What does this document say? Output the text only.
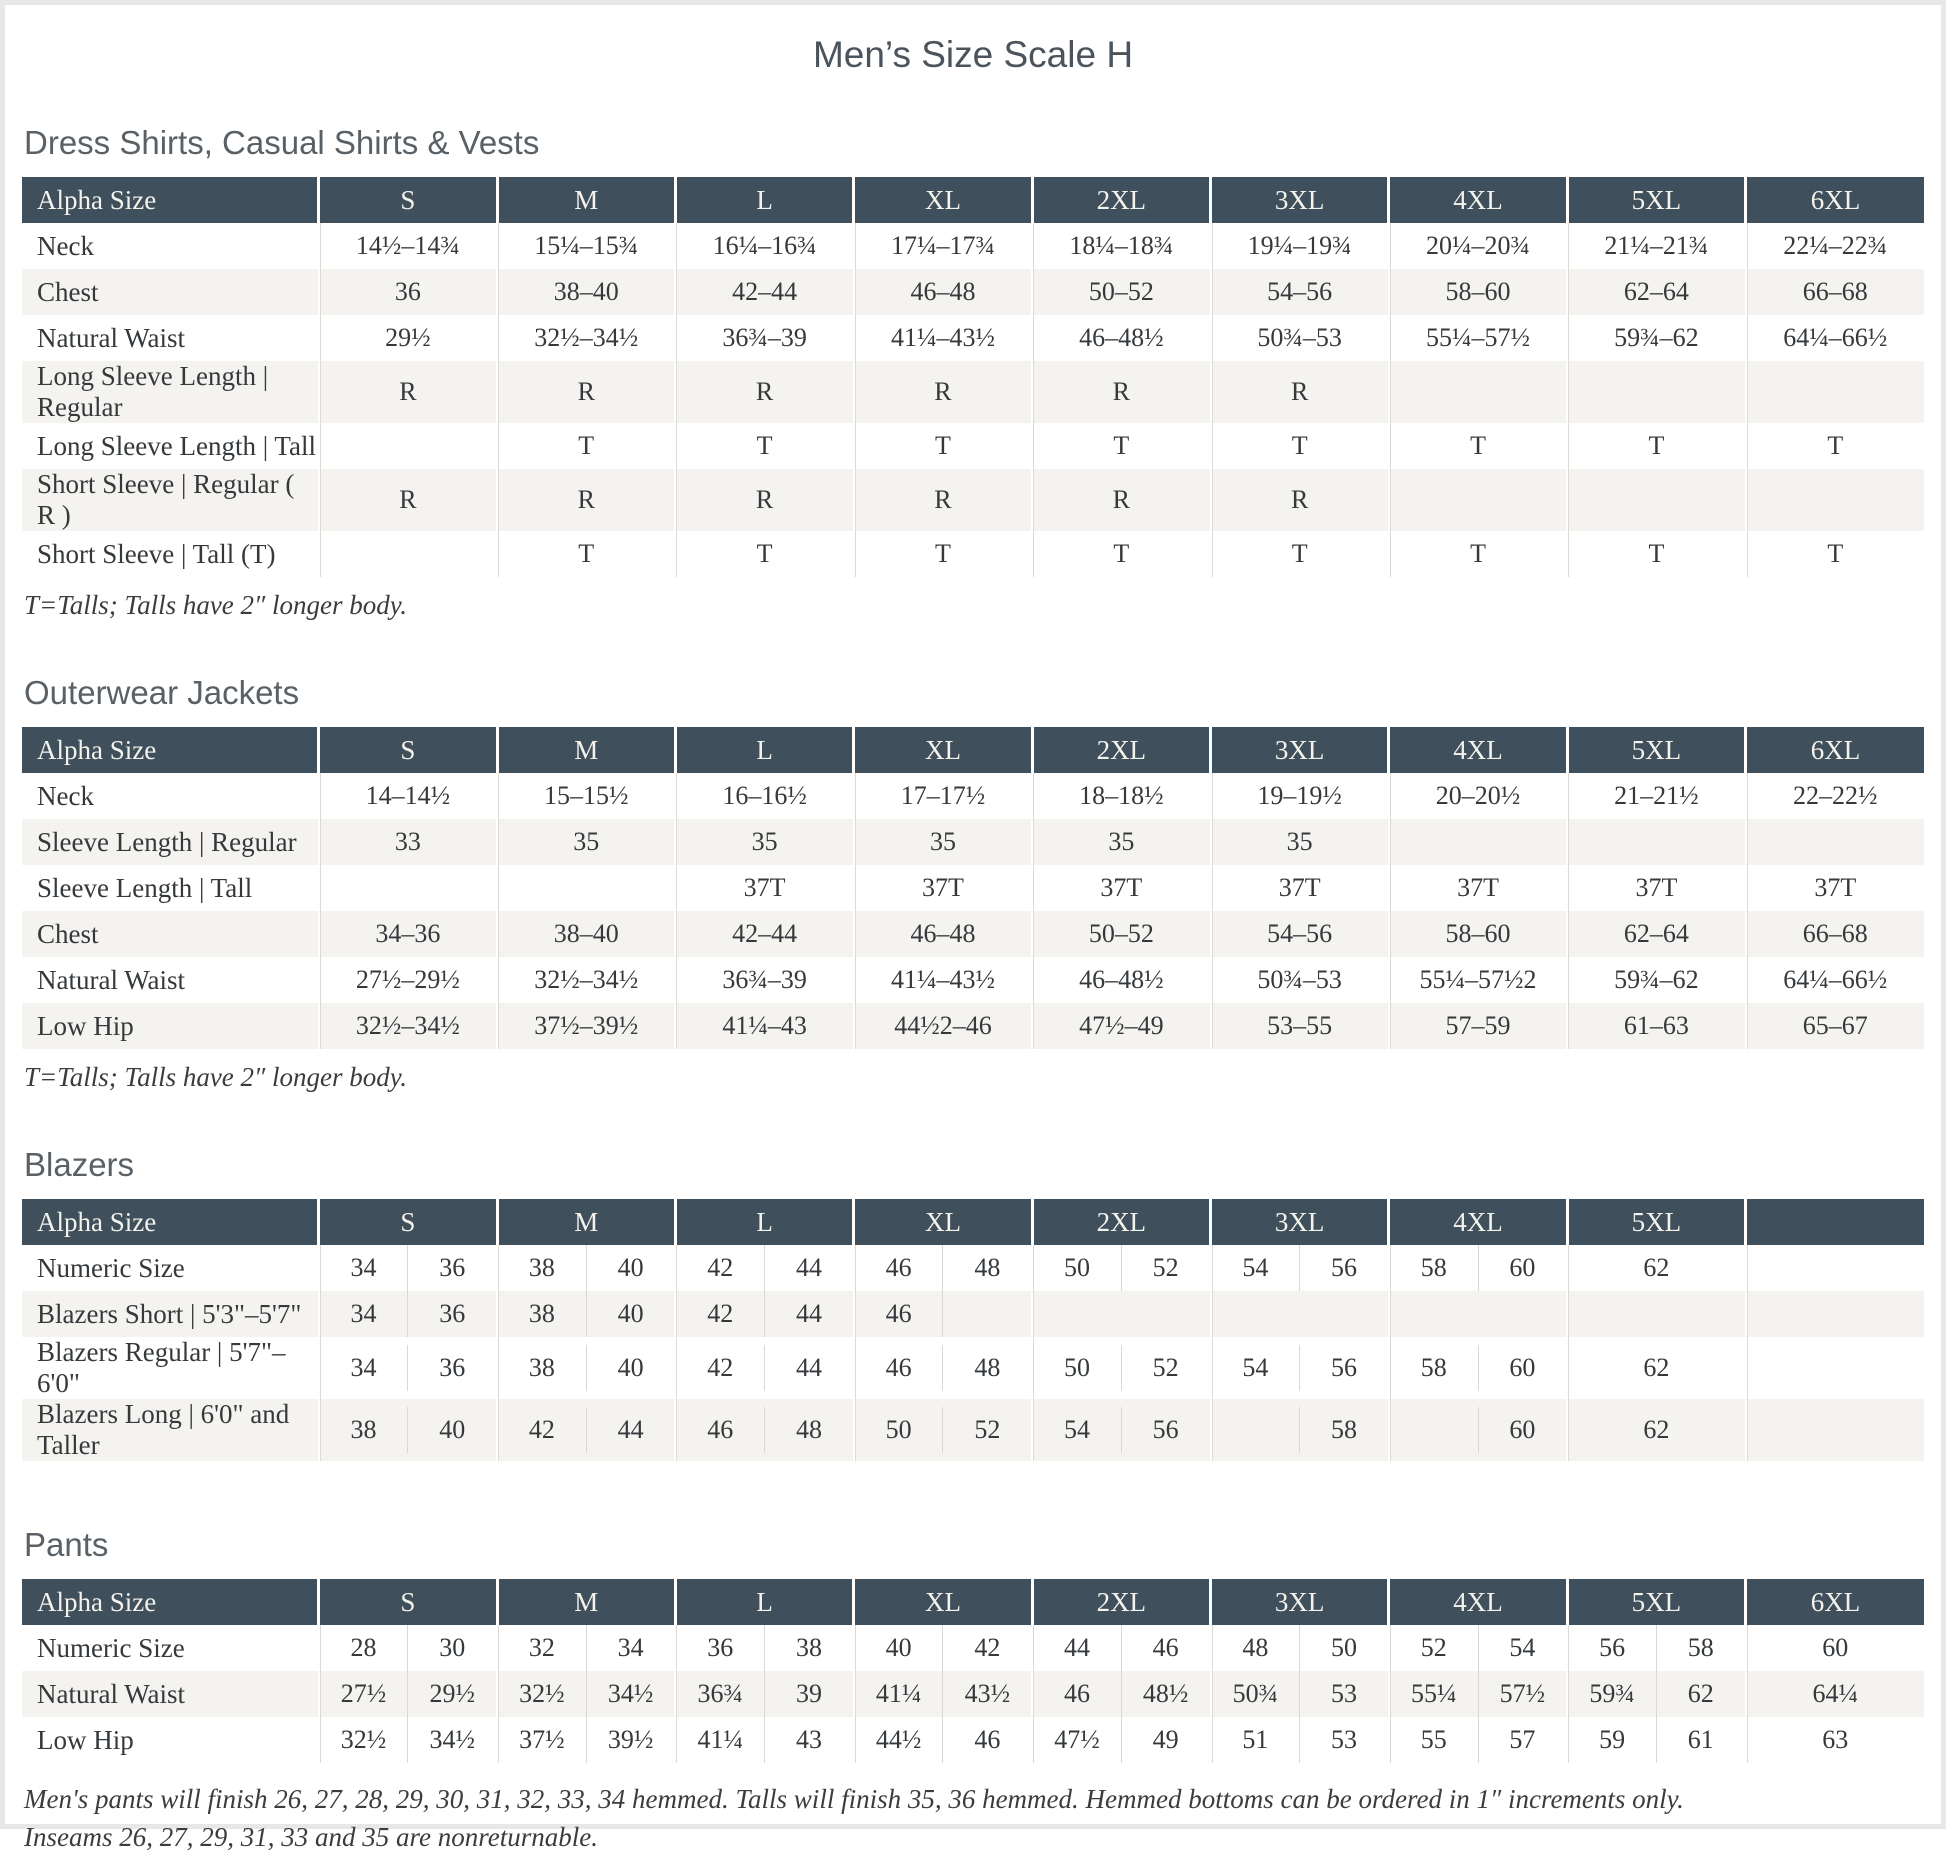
Men’s Size Scale H
Dress Shirts, Casual Shirts & Vests
Alpha Size	S	M	L	XL	2XL	3XL	4XL	5XL	6XL
Neck	14½–14¾	15¼–15¾	16¼–16¾	17¼–17¾	18¼–18¾	19¼–19¾	20¼–20¾	21¼–21¾	22¼–22¾
Chest	36	38–40	42–44	46–48	50–52	54–56	58–60	62–64	66–68
Natural Waist	29½	32½–34½	36¾–39	41¼–43½	46–48½	50¾–53	55¼–57½	59¾–62	64¼–66½
Long Sleeve Length | Regular	R	R	R	R	R	R			
Long Sleeve Length | Tall		T	T	T	T	T	T	T	T
Short Sleeve | Regular ( R )	R	R	R	R	R	R			
Short Sleeve | Tall (T)		T	T	T	T	T	T	T	T

T=Talls; Talls have 2″ longer body.

Outerwear Jackets
Alpha Size	S	M	L	XL	2XL	3XL	4XL	5XL	6XL
Neck	14–14½	15–15½	16–16½	17–17½	18–18½	19–19½	20–20½	21–21½	22–22½
Sleeve Length | Regular	33	35	35	35	35	35			
Sleeve Length | Tall			37T	37T	37T	37T	37T	37T	37T
Chest	34–36	38–40	42–44	46–48	50–52	54–56	58–60	62–64	66–68
Natural Waist	27½–29½	32½–34½	36¾–39	41¼–43½	46–48½	50¾–53	55¼–57½2	59¾–62	64¼–66½
Low Hip	32½–34½	37½–39½	41¼–43	44½2–46	47½–49	53–55	57–59	61–63	65–67

T=Talls; Talls have 2″ longer body.

Blazers
Alpha Size	S	M	L	XL	2XL	3XL	4XL	5XL	
Numeric Size	34 36	38 40	42 44	46 48	50 52	54 56	58 60	62	
Blazers Short | 5'3"–5'7"	34 36	38 40	42 44	46					

Blazers Regular | 5'7"–6'0"	34 36	38 40	42 44	46 48	50 52	54 56	58 60	62	
Blazers Long | 6'0" and Taller	38 40	42 44	46 48	50 52	54 56	58	60	62	
Pants
Alpha Size	S	M	L	XL	2XL	3XL	4XL	5XL	6XL
Numeric Size	28 30	32 34	36 38	40 42	44 46	48 50	52 54	56 58	60
Natural Waist	27½ 29½	32½ 34½	36¾ 39	41¼ 43½	46 48½	50¾ 53	55¼ 57½	59¾ 62	64¼
Low Hip	32½ 34½	37½ 39½	41¼ 43	44½ 46	47½ 49	51 53	55 57	59 61	63
Men's pants will finish 26, 27, 28, 29, 30, 31, 32, 33, 34 hemmed. Talls will finish 35, 36 hemmed. Hemmed bottoms can be ordered in 1″ increments only.
Inseams 26, 27, 29, 31, 33 and 35 are nonreturnable.
